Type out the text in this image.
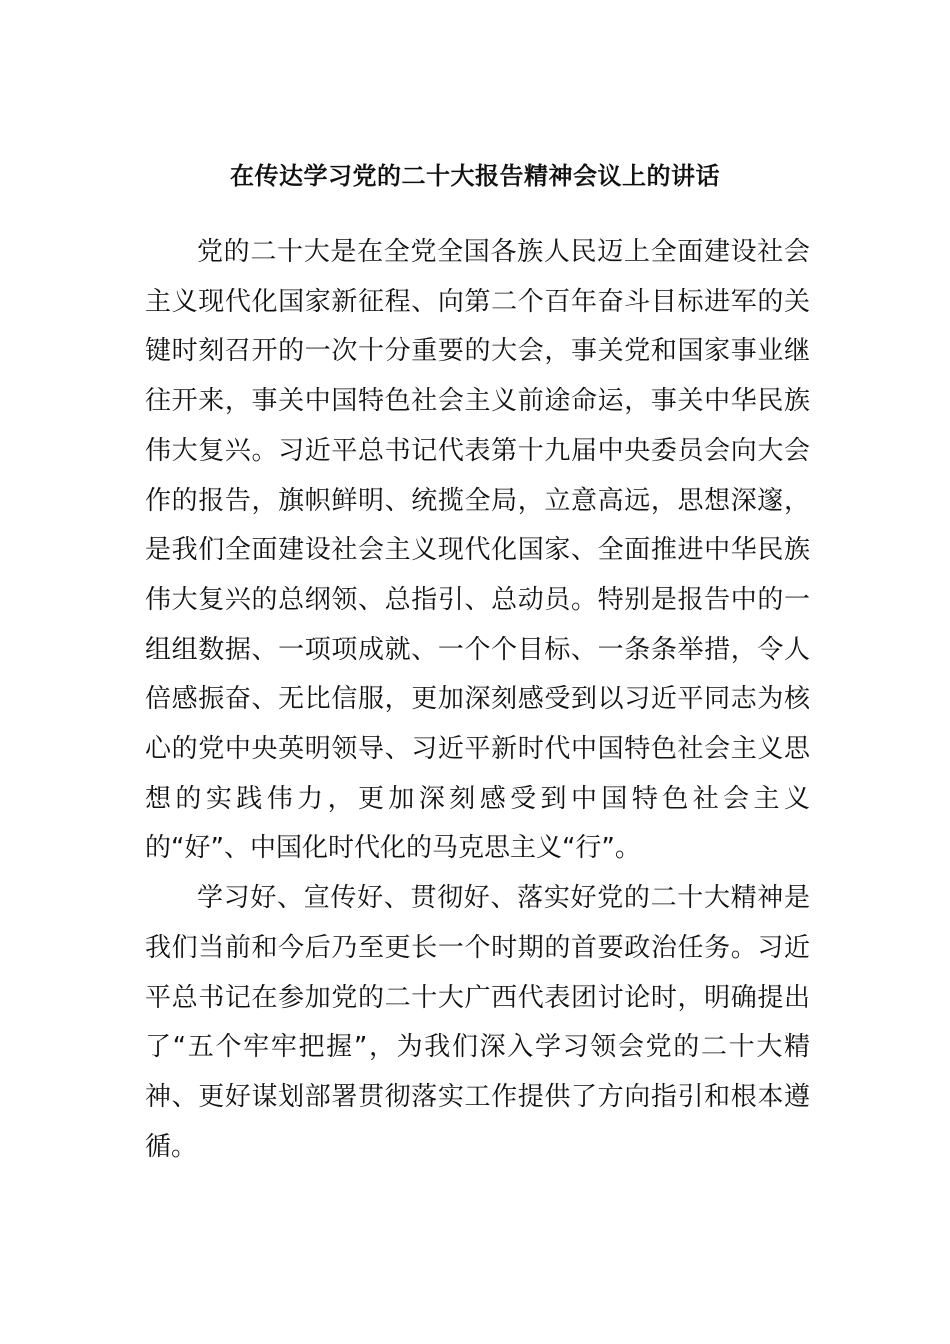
在传达学习党的二十大报告精神会议上的讲话

党的二十大是在全党全国各族人民迈上全面建设社会主义现代化国家新征程、向第二个百年奋斗目标进军的关键时刻召开的一次十分重要的大会，事关党和国家事业继往开来，事关中国特色社会主义前途命运，事关中华民族伟大复兴。习近平总书记代表第十九届中央委员会向大会作的报告，旗帜鲜明、统揽全局，立意高远，思想深邃，是我们全面建设社会主义现代化国家、全面推进中华民族伟大复兴的总纲领、总指引、总动员。特别是报告中的一组组数据、一项项成就、一个个目标、一条条举措，令人倍感振奋、无比信服，更加深刻感受到以习近平同志为核心的党中央英明领导、习近平新时代中国特色社会主义思想的实践伟力，更加深刻感受到中国特色社会主义的“好”、中国化时代化的马克思主义“行”。

学习好、宣传好、贯彻好、落实好党的二十大精神是我们当前和今后乃至更长一个时期的首要政治任务。习近平总书记在参加党的二十大广西代表团讨论时，明确提出了“五个牢牢把握”，为我们深入学习领会党的二十大精神、更好谋划部署贯彻落实工作提供了方向指引和根本遵循。
